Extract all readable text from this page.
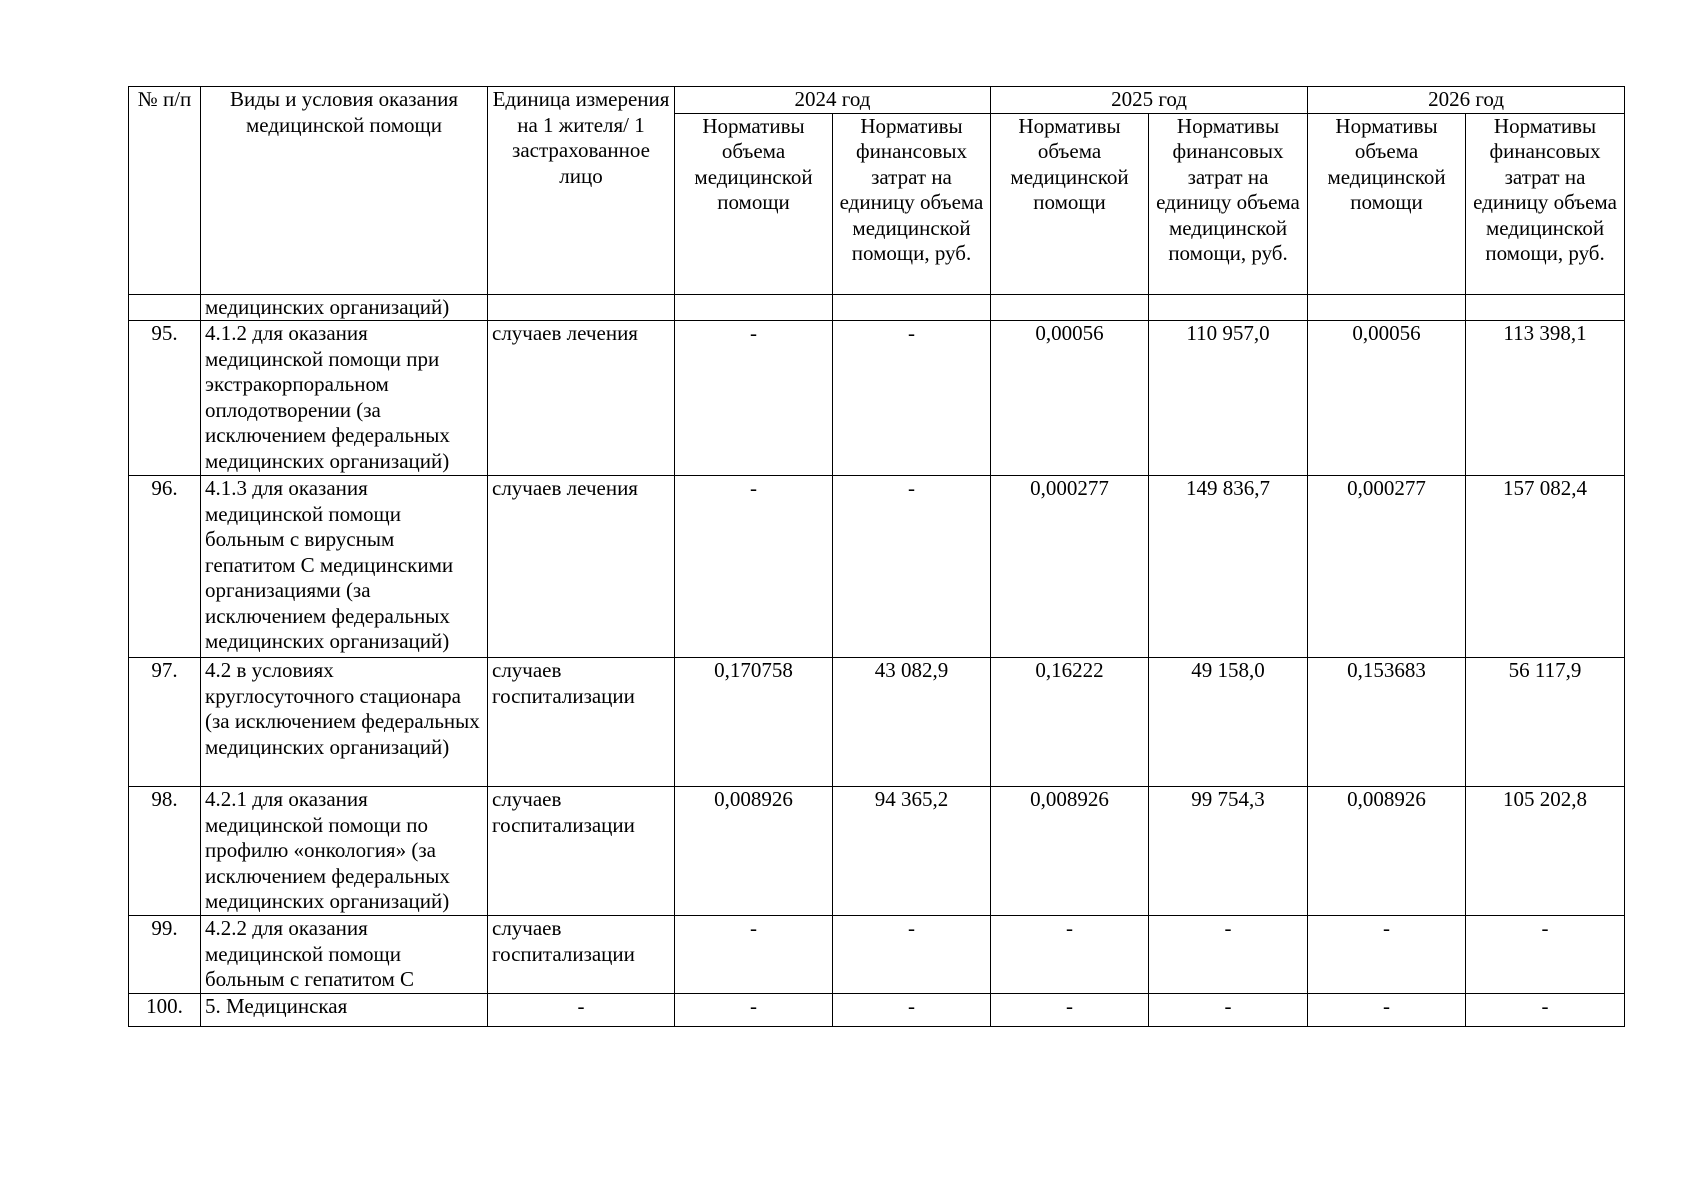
№ п/п	Виды и условия оказания медицинской помощи	Единица измерения на 1 жителя/ 1 застрахованное лицо	2024 год		2025 год		2026 год	
			Нормативы объема медицинской помощи	Нормативы финансовых затрат на единицу объема медицинской помощи, руб.	Нормативы объема медицинской помощи	Нормативы финансовых затрат на единицу объема медицинской помощи, руб.	Нормативы объема медицинской помощи	Нормативы финансовых затрат на единицу объема медицинской помощи, руб.
	медицинских организаций)							
95.	4.1.2 для оказания медицинской помощи при экстракорпоральном оплодотворении (за исключением федеральных медицинских организаций)	случаев лечения	-	-	0,00056	110 957,0	0,00056	113 398,1
96.	4.1.3 для оказания медицинской помощи больным с вирусным гепатитом С медицинскими организациями (за исключением федеральных медицинских организаций)	случаев лечения	-	-	0,000277	149 836,7	0,000277	157 082,4
97.	4.2 в условиях круглосуточного стационара (за исключением федеральных медицинских организаций)	случаев госпитализации	0,170758	43 082,9	0,16222	49 158,0	0,153683	56 117,9
98.	4.2.1 для оказания медицинской помощи по профилю «онкология» (за исключением федеральных медицинских организаций)	случаев госпитализации	0,008926	94 365,2	0,008926	99 754,3	0,008926	105 202,8
99.	4.2.2 для оказания медицинской помощи больным с гепатитом С	случаев госпитализации	-	-	-	-	-	-
100.	5. Медицинская	-	-	-	-	-	-	-
